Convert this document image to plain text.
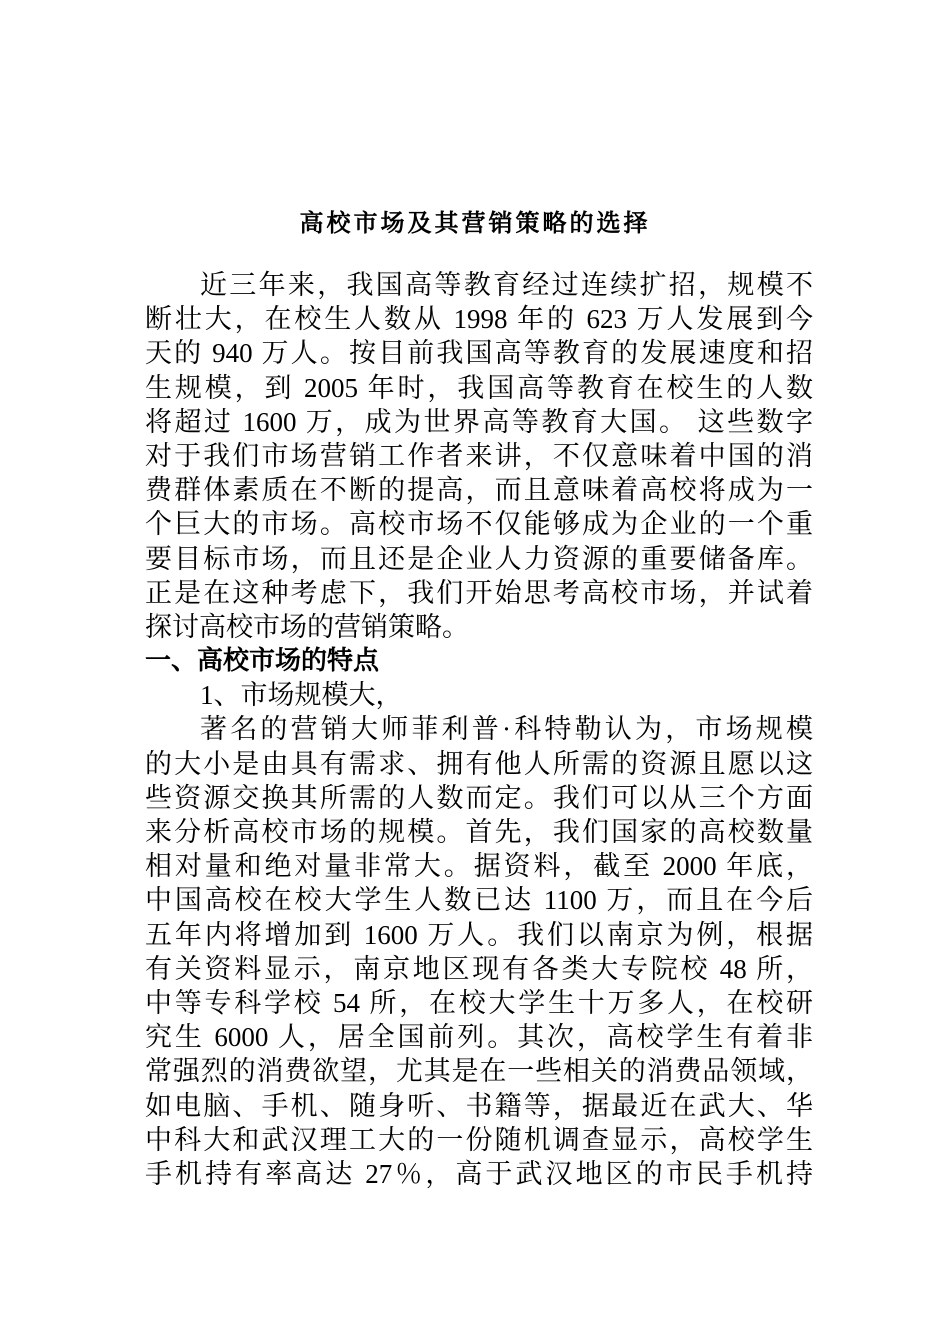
高校市场及其营销策略的选择
近三年来，我国高等教育经过连续扩招，规模不
断壮大，在校生人数从 1998 年的 623 万人发展到今
天的 940 万人。按目前我国高等教育的发展速度和招
生规模，到 2005 年时，我国高等教育在校生的人数
将超过 1600 万，成为世界高等教育大国。 这些数字
对于我们市场营销工作者来讲，不仅意味着中国的消
费群体素质在不断的提高，而且意味着高校将成为一
个巨大的市场。高校市场不仅能够成为企业的一个重
要目标市场，而且还是企业人力资源的重要储备库。
正是在这种考虑下，我们开始思考高校市场，并试着
探讨高校市场的营销策略。
一、高校市场的特点
1、市场规模大，
著名的营销大师菲利普·科特勒认为，市场规模
的大小是由具有需求、拥有他人所需的资源且愿以这
些资源交换其所需的人数而定。我们可以从三个方面
来分析高校市场的规模。首先，我们国家的高校数量
相对量和绝对量非常大。据资料，截至 2000 年底，
中国高校在校大学生人数已达 1100 万，而且在今后
五年内将增加到 1600 万人。我们以南京为例，根据
有关资料显示，南京地区现有各类大专院校 48 所，
中等专科学校 54 所，在校大学生十万多人，在校研
究生 6000 人，居全国前列。其次，高校学生有着非
常强烈的消费欲望，尤其是在一些相关的消费品领域，
如电脑、手机、随身听、书籍等，据最近在武大、华
中科大和武汉理工大的一份随机调查显示，高校学生
手机持有率高达 27％，高于武汉地区的市民手机持
